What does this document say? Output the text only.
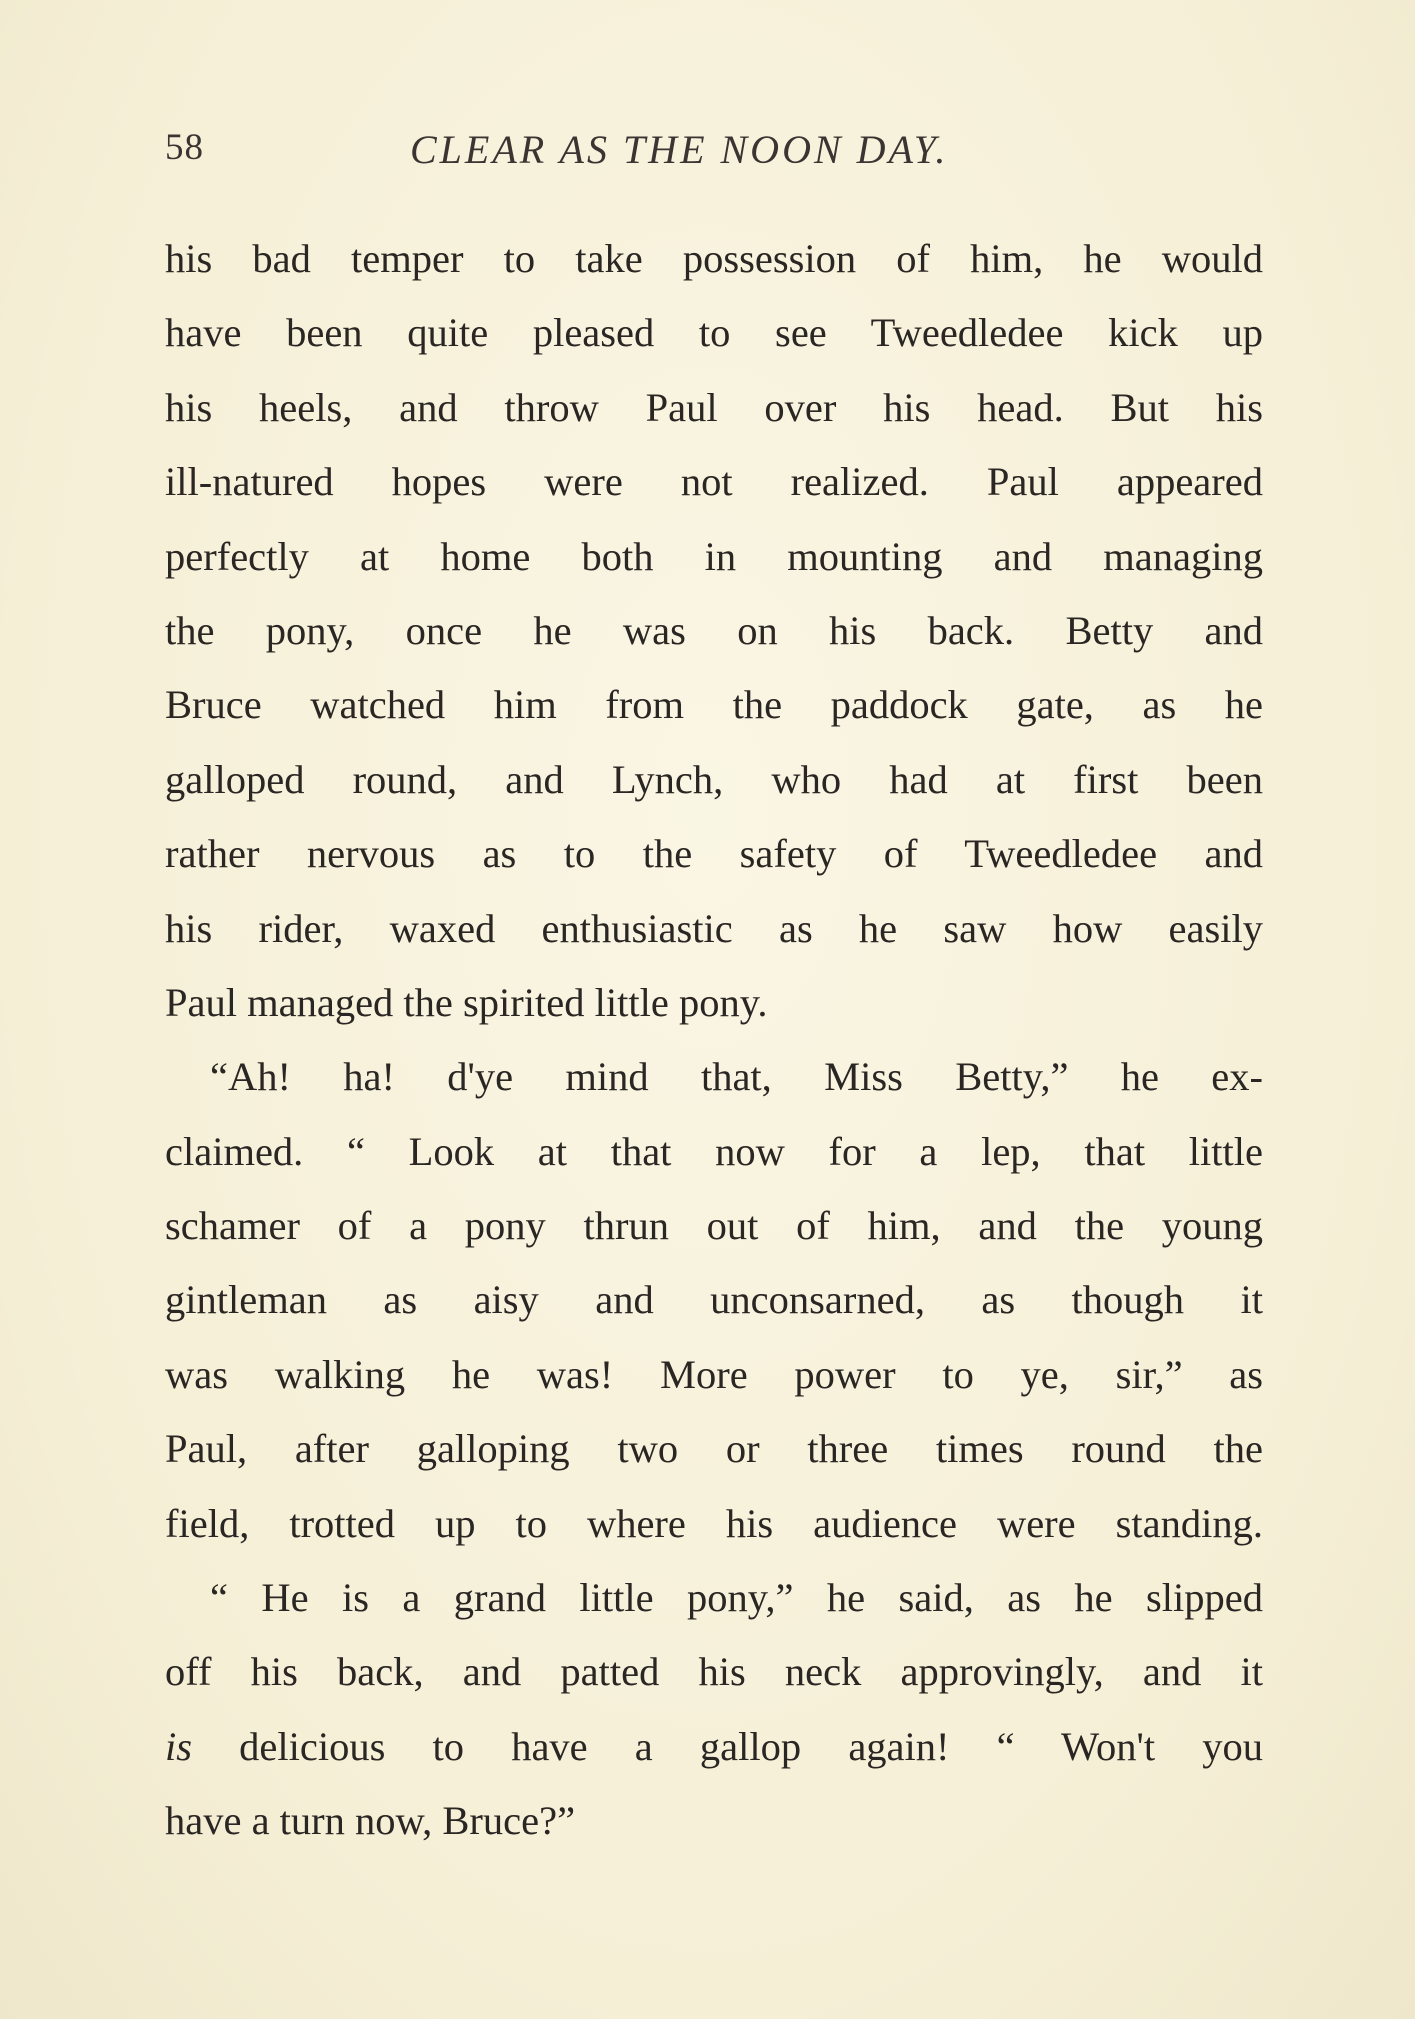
58	CLEAR AS THE NOON DAY.
his bad temper to take possession of him, he would
have been quite pleased to see Tweedledee kick up
his heels, and throw Paul over his head. But his
ill-natured hopes were not realized. Paul appeared
perfectly at home both in mounting and managing
the pony, once he was on his back. Betty and
Bruce watched him from the paddock gate, as he
galloped round, and Lynch, who had at first been
rather nervous as to the safety of Tweedledee and
his rider, waxed enthusiastic as he saw how easily
Paul managed the spirited little pony.
“Ah! ha! d'ye mind that, Miss Betty,” he ex-
claimed. “ Look at that now for a lep, that little
schamer of a pony thrun out of him, and the young
gintleman as aisy and unconsarned, as though it
was walking he was! More power to ye, sir,” as
Paul, after galloping two or three times round the
field, trotted up to where his audience were standing.
“ He is a grand little pony,” he said, as he slipped
off his back, and patted his neck approvingly, and it
is delicious to have a gallop again! “ Won't you
have a turn now, Bruce?”
